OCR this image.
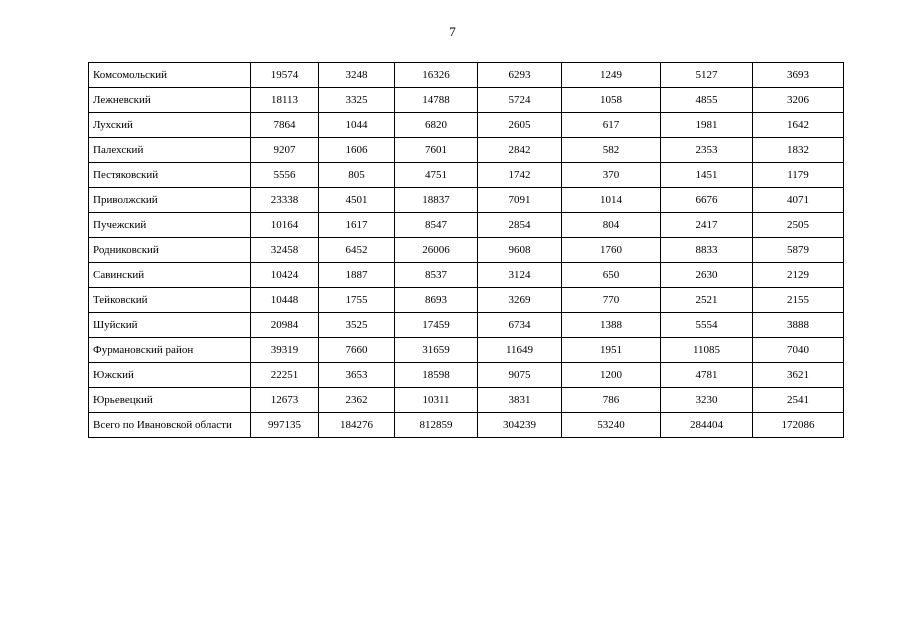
7
Комсомольский	19574	3248	16326	6293	1249	5127	3693
Лежневский	18113	3325	14788	5724	1058	4855	3206
Лухский	7864	1044	6820	2605	617	1981	1642
Палехский	9207	1606	7601	2842	582	2353	1832
Пестяковский	5556	805	4751	1742	370	1451	1179
Приволжский	23338	4501	18837	7091	1014	6676	4071
Пучежский	10164	1617	8547	2854	804	2417	2505
Родниковский	32458	6452	26006	9608	1760	8833	5879
Савинский	10424	1887	8537	3124	650	2630	2129
Тейковский	10448	1755	8693	3269	770	2521	2155
Шуйский	20984	3525	17459	6734	1388	5554	3888
Фурмановский район	39319	7660	31659	11649	1951	11085	7040
Южский	22251	3653	18598	9075	1200	4781	3621
Юрьевецкий	12673	2362	10311	3831	786	3230	2541
Всего по Ивановской области	997135	184276	812859	304239	53240	284404	172086
